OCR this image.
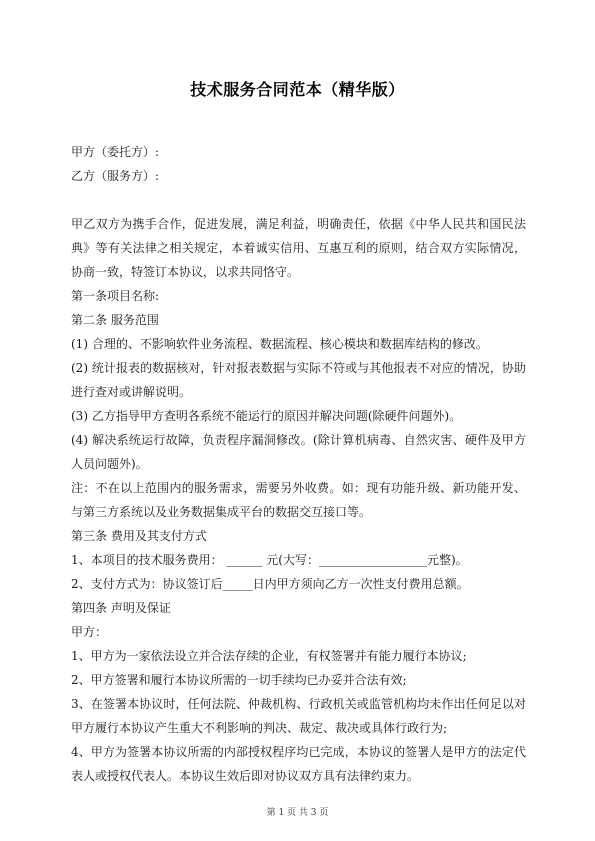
技术服务合同范本（精华版）

甲方（委托方）:

乙方（服务方）:

甲乙双方为携手合作，促进发展，满足利益，明确责任，依据《中华人民共和国民法典》等有关法律之相关规定，本着诚实信用、互惠互利的原则，结合双方实际情况，协商一致，特签订本协议，以求共同恪守。

第一条项目名称:

第二条 服务范围

(1) 合理的、不影响软件业务流程、数据流程、核心模块和数据库结构的修改。

(2) 统计报表的数据核对，针对报表数据与实际不符或与其他报表不对应的情况，协助进行查对或讲解说明。

(3) 乙方指导甲方查明各系统不能运行的原因并解决问题(除硬件问题外)。

(4) 解决系统运行故障，负责程序漏洞修改。(除计算机病毒、自然灾害、硬件及甲方人员问题外)。

注：不在以上范围内的服务需求，需要另外收费。如：现有功能升级、新功能开发、与第三方系统以及业务数据集成平台的数据交互接口等。

第三条 费用及其支付方式

1、本项目的技术服务费用： ______ 元(大写：__________________元整)。

2、支付方式为：协议签订后_____日内甲方须向乙方一次性支付费用总额。

第四条 声明及保证

甲方：

1、甲方为一家依法设立并合法存续的企业，有权签署并有能力履行本协议;

2、甲方签署和履行本协议所需的一切手续均已办妥并合法有效;

3、在签署本协议时，任何法院、仲裁机构、行政机关或监管机构均未作出任何足以对甲方履行本协议产生重大不利影响的判决、裁定、裁决或具体行政行为;

4、甲方为签署本协议所需的内部授权程序均已完成，本协议的签署人是甲方的法定代表人或授权代表人。本协议生效后即对协议双方具有法律约束力。

第 1 页 共 3 页
